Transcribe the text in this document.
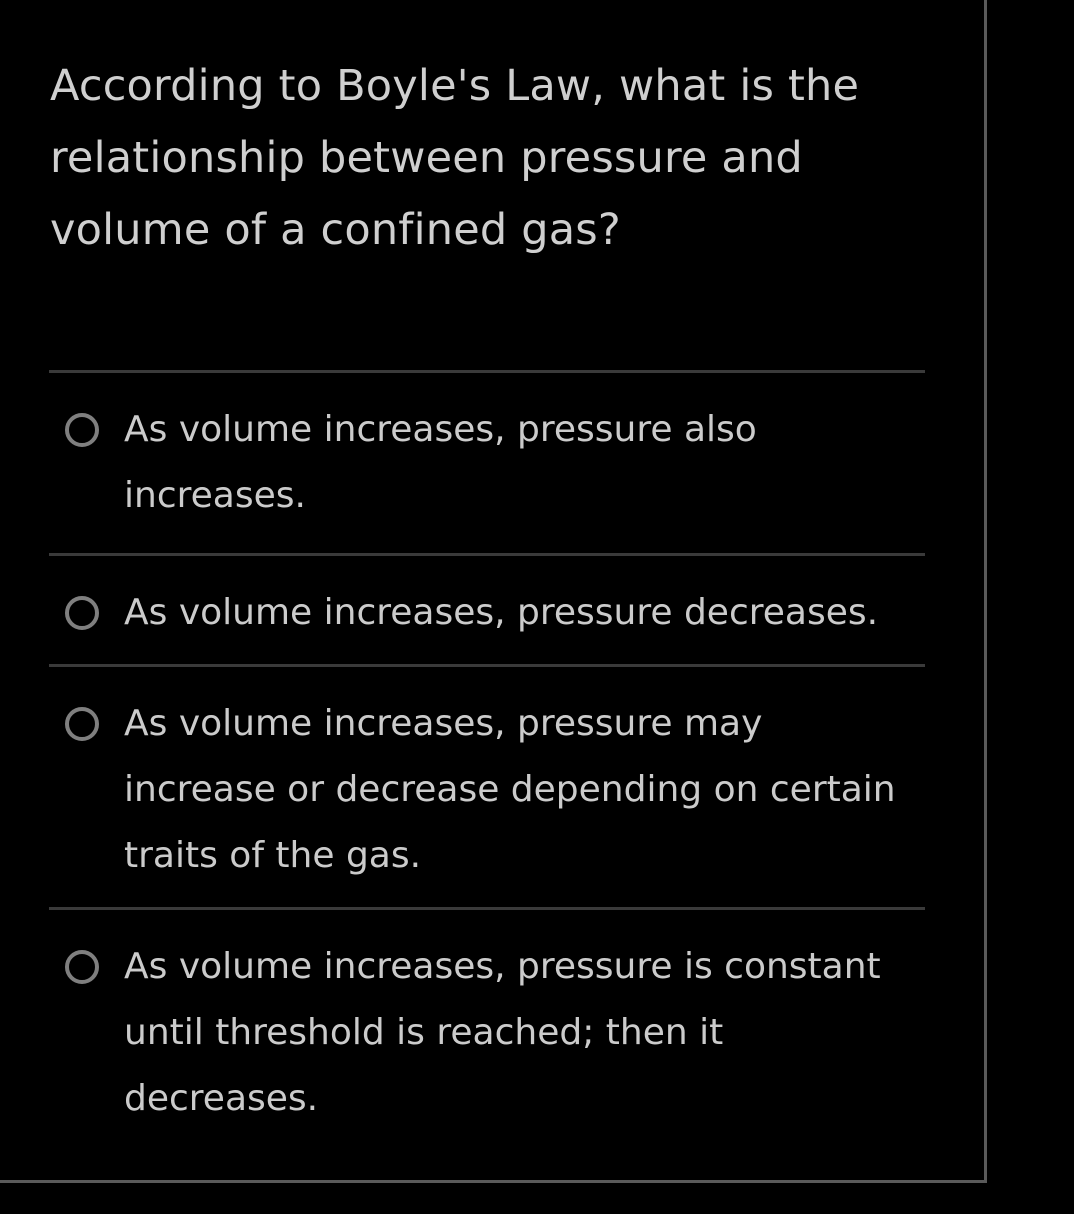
According to Boyle's Law, what is the relationship between pressure and volume of a confined gas?
As volume increases, pressure also increases.
As volume increases, pressure decreases.
As volume increases, pressure may increase or decrease depending on certain traits of the gas.
As volume increases, pressure is constant until threshold is reached; then it decreases.
